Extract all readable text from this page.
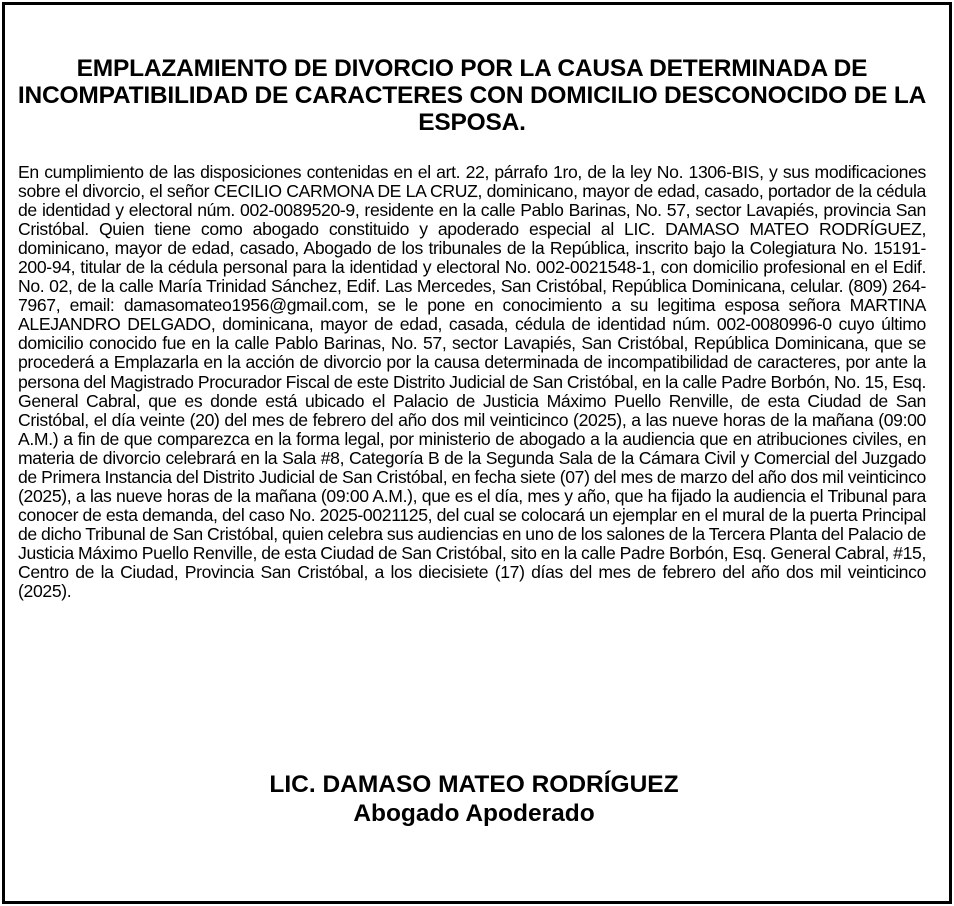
EMPLAZAMIENTO DE DIVORCIO POR LA CAUSA DETERMINADA DE INCOMPATIBILIDAD DE CARACTERES CON DOMICILIO DESCONOCIDO DE LA ESPOSA.

En cumplimiento de las disposiciones contenidas en el art. 22, párrafo 1ro, de la ley No. 1306-BIS, y sus modificaciones sobre el divorcio, el señor CECILIO CARMONA DE LA CRUZ, dominicano, mayor de edad, casado, portador de la cédula de identidad y electoral núm. 002-0089520-9, residente en la calle Pablo Barinas, No. 57, sector Lavapiés, provincia San Cristóbal. Quien tiene como abogado constituido y apoderado especial al LIC. DAMASO MATEO RODRÍGUEZ, dominicano, mayor de edad, casado, Abogado de los tribunales de la República, inscrito bajo la Colegiatura No. 15191-200-94, titular de la cédula personal para la identidad y electoral No. 002-0021548-1, con domicilio profesional en el Edif. No. 02, de la calle María Trinidad Sánchez, Edif. Las Mercedes, San Cristóbal, República Dominicana, celular. (809) 264-7967, email: damasomateo1956@gmail.com, se le pone en conocimiento a su legitima esposa señora MARTINA ALEJANDRO DELGADO, dominicana, mayor de edad, casada, cédula de identidad núm. 002-0080996-0 cuyo último domicilio conocido fue en la calle Pablo Barinas, No. 57, sector Lavapiés, San Cristóbal, República Dominicana, que se procederá a Emplazarla en la acción de divorcio por la causa determinada de incompatibilidad de caracteres, por ante la persona del Magistrado Procurador Fiscal de este Distrito Judicial de San Cristóbal, en la calle Padre Borbón, No. 15, Esq. General Cabral, que es donde está ubicado el Palacio de Justicia Máximo Puello Renville, de esta Ciudad de San Cristóbal, el día veinte (20) del mes de febrero del año dos mil veinticinco (2025), a las nueve horas de la mañana (09:00 A.M.) a fin de que comparezca en la forma legal, por ministerio de abogado a la audiencia que en atribuciones civiles, en materia de divorcio celebrará en la Sala #8, Categoría B de la Segunda Sala de la Cámara Civil y Comercial del Juzgado de Primera Instancia del Distrito Judicial de San Cristóbal, en fecha siete (07) del mes de marzo del año dos mil veinticinco (2025), a las nueve horas de la mañana (09:00 A.M.), que es el día, mes y año, que ha fijado la audiencia el Tribunal para conocer de esta demanda, del caso No. 2025-0021125, del cual se colocará un ejemplar en el mural de la puerta Principal de dicho Tribunal de San Cristóbal, quien celebra sus audiencias en uno de los salones de la Tercera Planta del Palacio de Justicia Máximo Puello Renville, de esta Ciudad de San Cristóbal, sito en la calle Padre Borbón, Esq. General Cabral, #15, Centro de la Ciudad, Provincia San Cristóbal, a los diecisiete (17) días del mes de febrero del año dos mil veinticinco (2025).

LIC. DAMASO MATEO RODRÍGUEZ

Abogado Apoderado
